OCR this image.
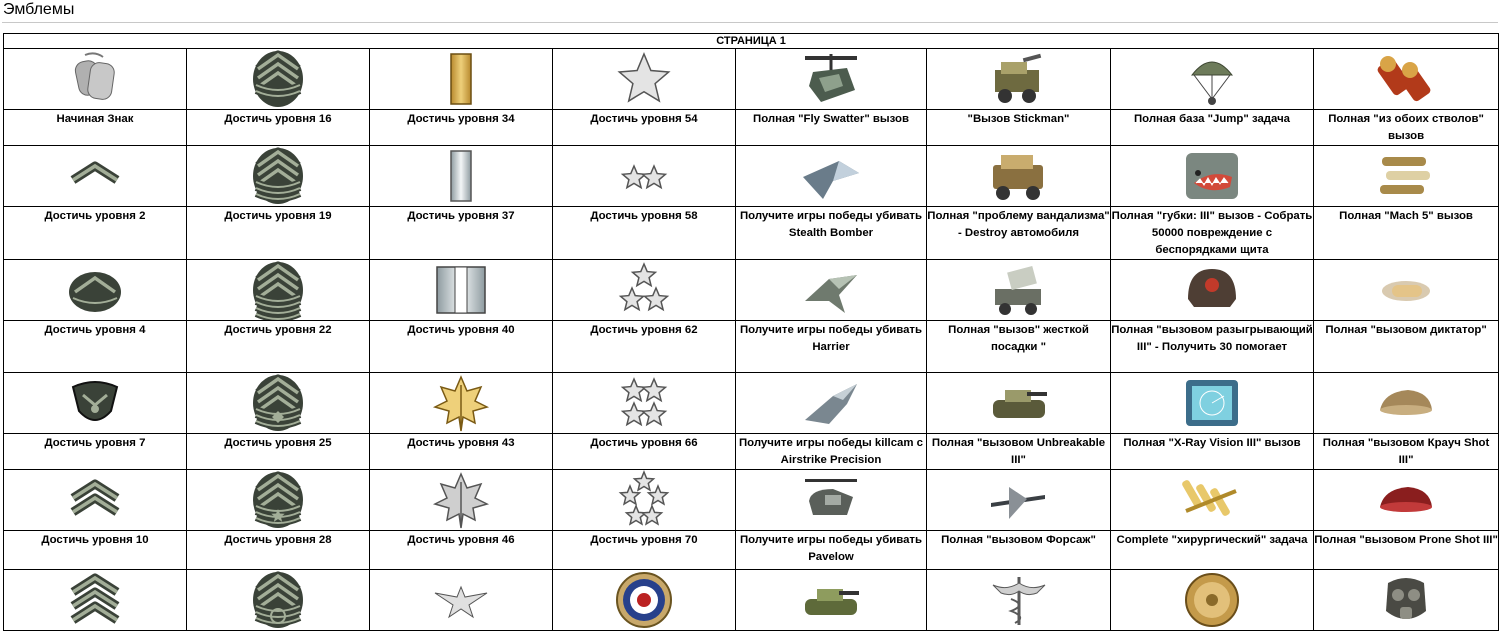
Эмблемы
СТРАНИЦА 1							

Начиная Знак	Достичь уровня 16	Достичь уровня 34	Достичь уровня 54	Полная "Fly Swatter" вызов	"Вызов Stickman"	Полная база "Jump" задача	Полная "из обоих стволов" вызов

Достичь уровня 2	Достичь уровня 19	Достичь уровня 37	Достичь уровня 58	Получите игры победы убивать Stealth Bomber	Полная "проблему вандализма" - Destroy автомобиля	Полная "губки: III" вызов - Собрать 50000 повреждение с беспорядками щита	Полная "Mach 5" вызов

Достичь уровня 4	Достичь уровня 22	Достичь уровня 40	Достичь уровня 62	Получите игры победы убивать Harrier	Полная "вызов" жесткой посадки "	Полная "вызовом разыгрывающий III" - Получить 30 помогает	Полная "вызовом диктатор"

Достичь уровня 7	Достичь уровня 25	Достичь уровня 43	Достичь уровня 66	Получите игры победы killcam с Airstrike Precision	Полная "вызовом Unbreakable III"	Полная "X-Ray Vision III" вызов	Полная "вызовом Крауч Shot III"

Достичь уровня 10	Достичь уровня 28	Достичь уровня 46	Достичь уровня 70	Получите игры победы убивать Pavelow	Полная "вызовом Форсаж"	Complete "хирургический" задача	Полная "вызовом Prone Shot III"
